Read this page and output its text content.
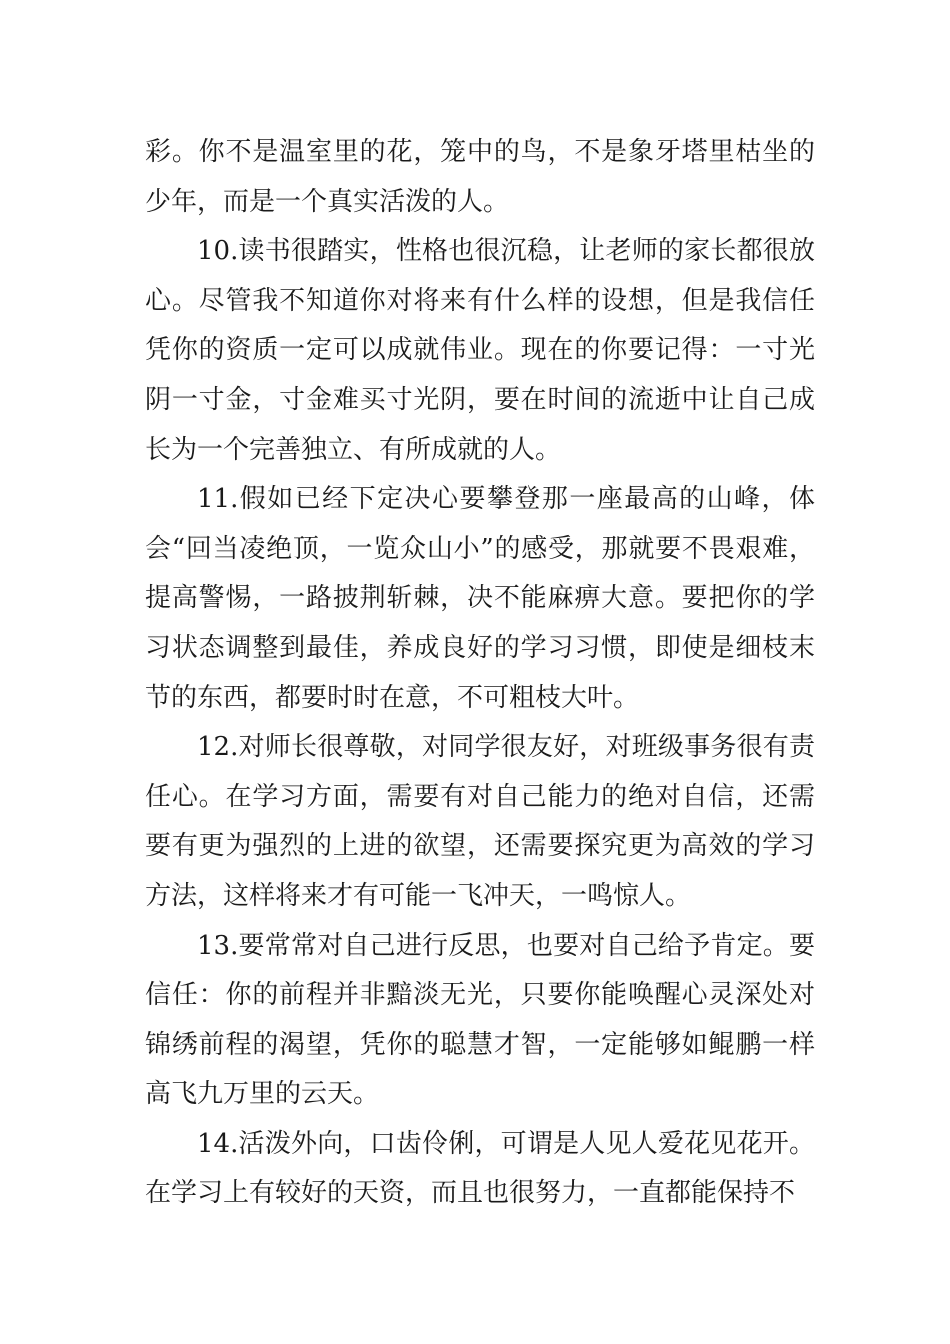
彩。你不是温室里的花，笼中的鸟，不是象牙塔里枯坐的少年，而是一个真实活泼的人。

10.读书很踏实，性格也很沉稳，让老师的家长都很放心。尽管我不知道你对将来有什么样的设想，但是我信任凭你的资质一定可以成就伟业。现在的你要记得：一寸光阴一寸金，寸金难买寸光阴，要在时间的流逝中让自己成长为一个完善独立、有所成就的人。

11.假如已经下定决心要攀登那一座最高的山峰，体会“回当凌绝顶，一览众山小”的感受，那就要不畏艰难，提高警惕，一路披荆斩棘，决不能麻痹大意。要把你的学习状态调整到最佳，养成良好的学习习惯，即使是细枝末节的东西，都要时时在意，不可粗枝大叶。

12.对师长很尊敬，对同学很友好，对班级事务很有责任心。在学习方面，需要有对自己能力的绝对自信，还需要有更为强烈的上进的欲望，还需要探究更为高效的学习方法，这样将来才有可能一飞冲天，一鸣惊人。

13.要常常对自己进行反思，也要对自己给予肯定。要信任：你的前程并非黯淡无光，只要你能唤醒心灵深处对锦绣前程的渴望，凭你的聪慧才智，一定能够如鲲鹏一样高飞九万里的云天。

14.活泼外向，口齿伶俐，可谓是人见人爱花见花开。在学习上有较好的天资，而且也很努力，一直都能保持不
